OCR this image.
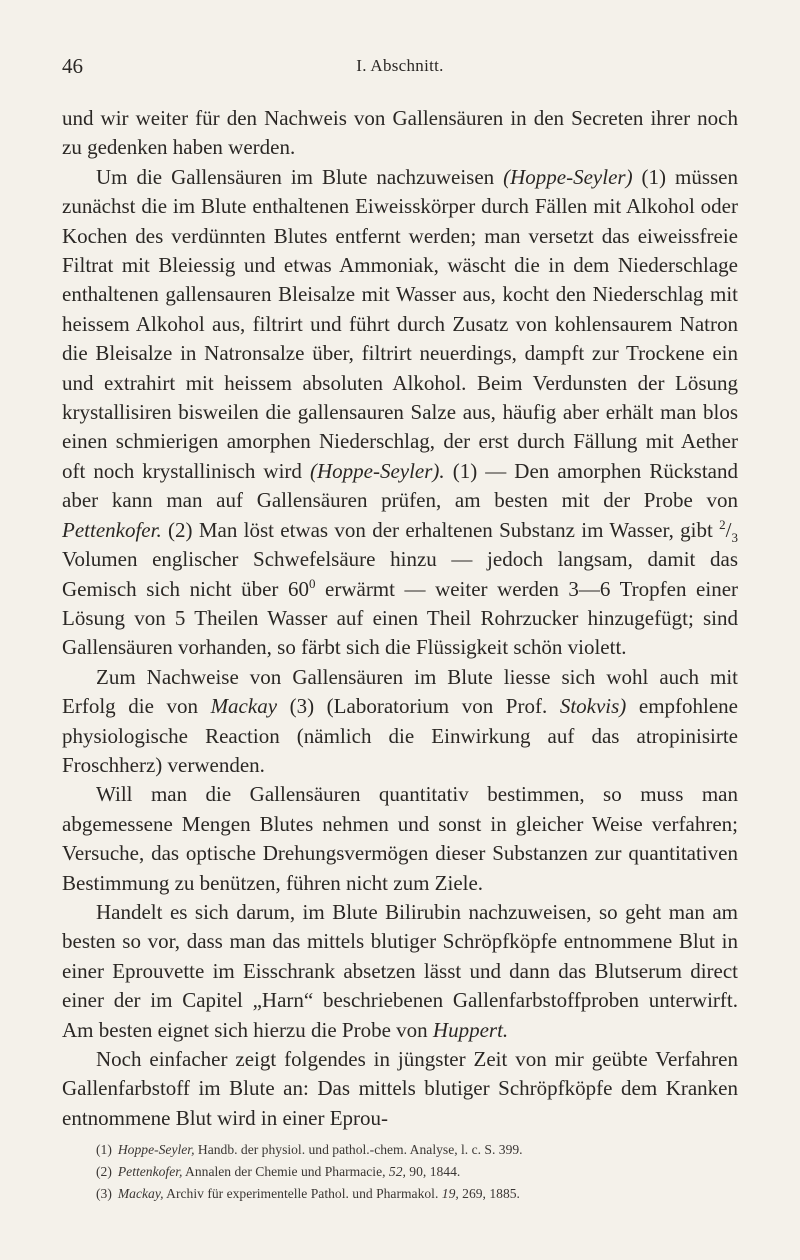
46	I. Abschnitt.

und wir weiter für den Nachweis von Gallensäuren in den Secreten ihrer noch zu gedenken haben werden.

Um die Gallensäuren im Blute nachzuweisen (Hoppe-Seyler) (1) müssen zunächst die im Blute enthaltenen Eiweisskörper durch Fällen mit Alkohol oder Kochen des verdünnten Blutes entfernt werden; man versetzt das eiweissfreie Filtrat mit Bleiessig und etwas Ammoniak, wäscht die in dem Niederschlage enthaltenen gallensauren Bleisalze mit Wasser aus, kocht den Niederschlag mit heissem Alkohol aus, filtrirt und führt durch Zusatz von kohlensaurem Natron die Bleisalze in Natronsalze über, filtrirt neuerdings, dampft zur Trockene ein und extrahirt mit heissem absoluten Alkohol. Beim Verdunsten der Lösung krystallisiren bisweilen die gallensauren Salze aus, häufig aber erhält man blos einen schmierigen amorphen Niederschlag, der erst durch Fällung mit Aether oft noch krystallinisch wird (Hoppe-Seyler). (1) — Den amorphen Rückstand aber kann man auf Gallensäuren prüfen, am besten mit der Probe von Pettenkofer. (2) Man löst etwas von der erhaltenen Substanz im Wasser, gibt $^2/_3$ Volumen englischer Schwefelsäure hinzu — jedoch langsam, damit das Gemisch sich nicht über $60^0$ erwärmt — weiter werden 3—6 Tropfen einer Lösung von 5 Theilen Wasser auf einen Theil Rohrzucker hinzugefügt; sind Gallensäuren vorhanden, so färbt sich die Flüssigkeit schön violett.

Zum Nachweise von Gallensäuren im Blute liesse sich wohl auch mit Erfolg die von Mackay (3) (Laboratorium von Prof. Stokvis) empfohlene physiologische Reaction (nämlich die Einwirkung auf das atropinisirte Froschherz) verwenden.

Will man die Gallensäuren quantitativ bestimmen, so muss man abgemessene Mengen Blutes nehmen und sonst in gleicher Weise verfahren; Versuche, das optische Drehungsvermögen dieser Substanzen zur quantitativen Bestimmung zu benützen, führen nicht zum Ziele.

Handelt es sich darum, im Blute Bilirubin nachzuweisen, so geht man am besten so vor, dass man das mittels blutiger Schröpfköpfe entnommene Blut in einer Eprouvette im Eisschrank absetzen lässt und dann das Blutserum direct einer der im Capitel „Harn“ beschriebenen Gallenfarbstoffproben unterwirft. Am besten eignet sich hierzu die Probe von Huppert.

Noch einfacher zeigt folgendes in jüngster Zeit von mir geübte Verfahren Gallenfarbstoff im Blute an: Das mittels blutiger Schröpfköpfe dem Kranken entnommene Blut wird in einer Eprou-

(1) Hoppe-Seyler, Handb. der physiol. und pathol.-chem. Analyse, l. c. S. 399.

(2) Pettenkofer, Annalen der Chemie und Pharmacie, 52, 90, 1844.

(3) Mackay, Archiv für experimentelle Pathol. und Pharmakol. 19, 269, 1885.
